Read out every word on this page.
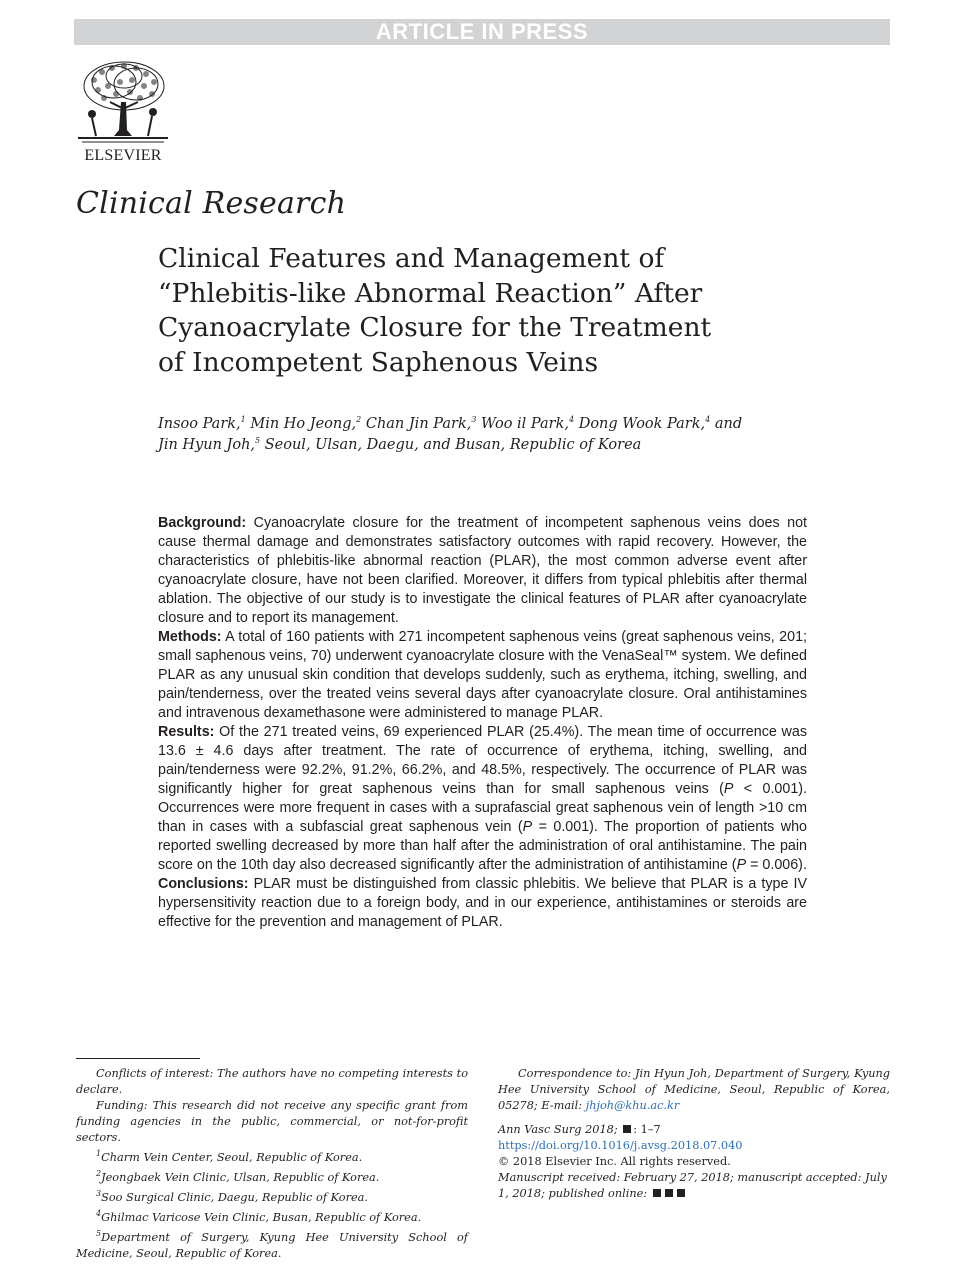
ARTICLE IN PRESS
ELSEVIER
Clinical Research
Clinical Features and Management of
“Phlebitis-like Abnormal Reaction” After
Cyanoacrylate Closure for the Treatment
of Incompetent Saphenous Veins
Insoo Park,$^1$ Min Ho Jeong,$^2$ Chan Jin Park,$^3$ Woo il Park,$^4$ Dong Wook Park,$^4$ and
Jin Hyun Joh,$^5$ Seoul, Ulsan, Daegu, and Busan, Republic of Korea

Background: Cyanoacrylate closure for the treatment of incompetent saphenous veins does not cause thermal damage and demonstrates satisfactory outcomes with rapid recovery. However, the characteristics of phlebitis-like abnormal reaction (PLAR), the most common adverse event after cyanoacrylate closure, have not been clarified. Moreover, it differs from typical phlebitis after thermal ablation. The objective of our study is to investigate the clinical features of PLAR after cyanoacrylate closure and to report its management.

Methods: A total of 160 patients with 271 incompetent saphenous veins (great saphenous veins, 201; small saphenous veins, 70) underwent cyanoacrylate closure with the VenaSeal™ system. We defined PLAR as any unusual skin condition that develops suddenly, such as erythema, itching, swelling, and pain/tenderness, over the treated veins several days after cyanoacrylate closure. Oral antihistamines and intravenous dexamethasone were administered to manage PLAR.

Results: Of the 271 treated veins, 69 experienced PLAR (25.4%). The mean time of occurrence was 13.6 ± 4.6 days after treatment. The rate of occurrence of erythema, itching, swelling, and pain/tenderness were 92.2%, 91.2%, 66.2%, and 48.5%, respectively. The occurrence of PLAR was significantly higher for great saphenous veins than for small saphenous veins (P < 0.001). Occurrences were more frequent in cases with a suprafascial great saphenous vein of length >10 cm than in cases with a subfascial great saphenous vein (P = 0.001). The proportion of patients who reported swelling decreased by more than half after the administration of oral antihistamine. The pain score on the 10th day also decreased significantly after the administration of antihistamine (P = 0.006).

Conclusions: PLAR must be distinguished from classic phlebitis. We believe that PLAR is a type IV hypersensitivity reaction due to a foreign body, and in our experience, antihistamines or steroids are effective for the prevention and management of PLAR.

Conflicts of interest: The authors have no competing interests to declare.

Funding: This research did not receive any specific grant from funding agencies in the public, commercial, or not-for-profit sectors.

$^1$Charm Vein Center, Seoul, Republic of Korea.

$^2$Jeongbaek Vein Clinic, Ulsan, Republic of Korea.

$^3$Soo Surgical Clinic, Daegu, Republic of Korea.

$^4$Ghilmac Varicose Vein Clinic, Busan, Republic of Korea.

$^5$Department of Surgery, Kyung Hee University School of Medicine, Seoul, Republic of Korea.

Correspondence to: Jin Hyun Joh, Department of Surgery, Kyung Hee University School of Medicine, Seoul, Republic of Korea, 05278; E-mail: jhjoh@khu.ac.kr

Ann Vasc Surg 2018; : 1–7

https://doi.org/10.1016/j.avsg.2018.07.040

© 2018 Elsevier Inc. All rights reserved.

Manuscript received: February 27, 2018; manuscript accepted: July 1, 2018; published online:
